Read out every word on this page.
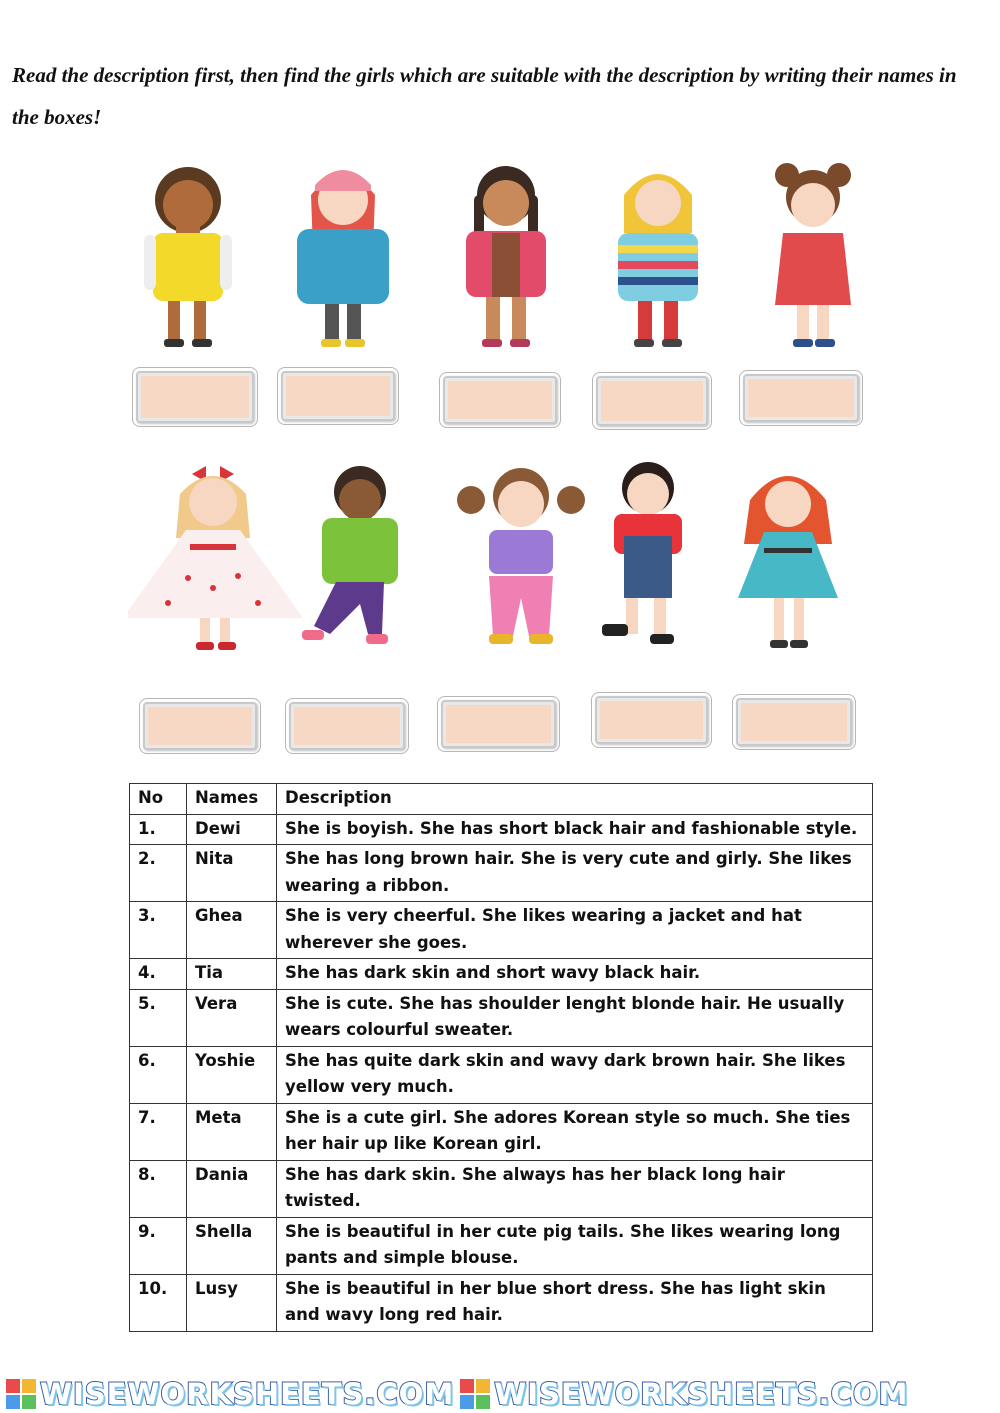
Read the description first, then find the girls which are suitable with the description by writing their names in the boxes!
No	Names	Description
1.	Dewi	She is boyish. She has short black hair and fashionable style.
2.	Nita	She has long brown hair. She is very cute and girly. She likes wearing a ribbon.
3.	Ghea	She is very cheerful. She likes wearing a jacket and hat wherever she goes.
4.	Tia	She has dark skin and short wavy black hair.
5.	Vera	She is cute. She has shoulder lenght blonde hair. He usually wears colourful sweater.
6.	Yoshie	She has quite dark skin and wavy dark brown hair. She likes yellow very much.
7.	Meta	She is a cute girl. She adores Korean style so much. She ties her hair up like Korean girl.
8.	Dania	She has dark skin. She always has her black long hair twisted.
9.	Shella	She is beautiful in her cute pig tails. She likes wearing long pants and simple blouse.
10.	Lusy	She is beautiful in her blue short dress. She has light skin and wavy long red hair.
WISEWORKSHEETS.COM WISEWORKSHEETS.COM
